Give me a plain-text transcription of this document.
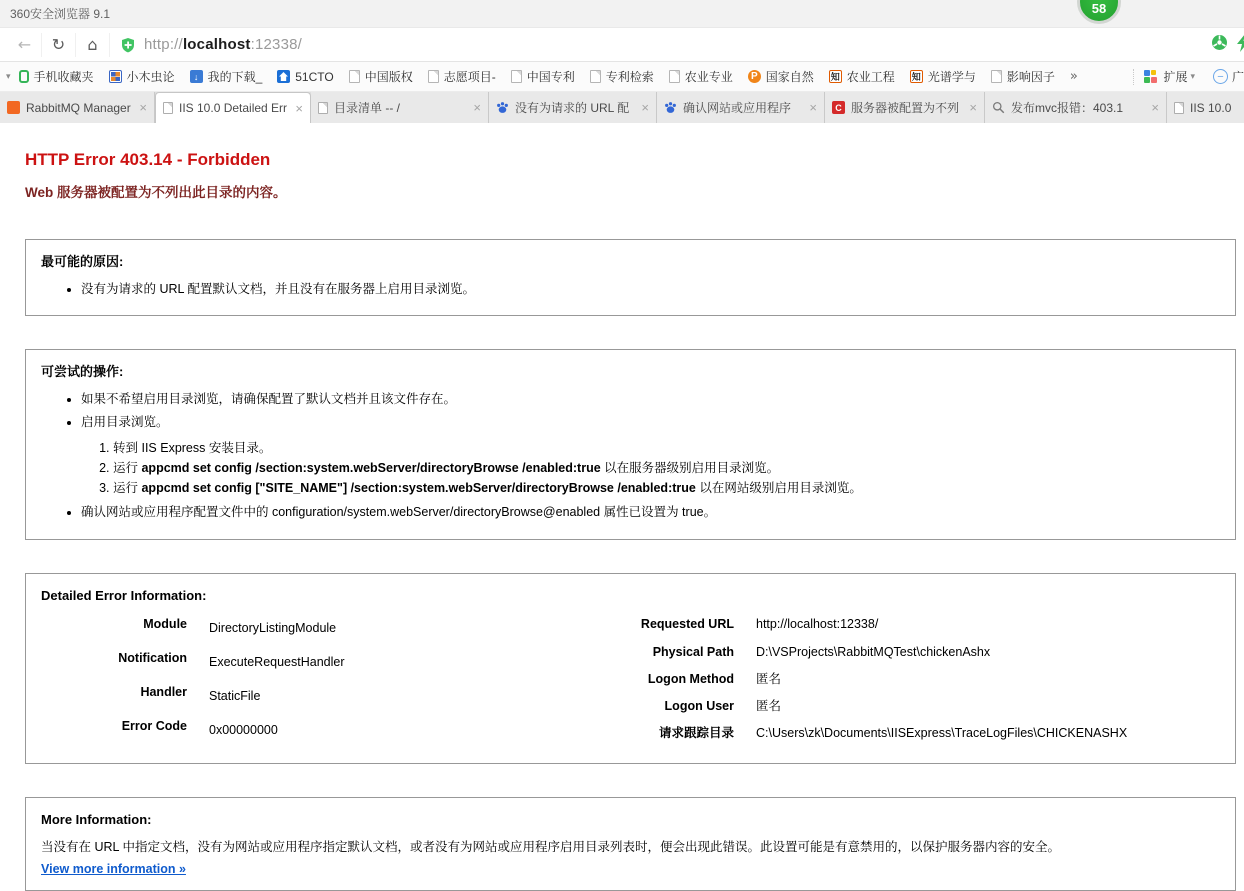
360安全浏览器 9.1	58
←	↻	⌂	http://localhost:12338/
▾ 手机收藏夹	小木虫论	↓ 我的下载_	51CTO	中国版权	志愿项目-	中国专利	专利检索	农业专业	P 国家自然 知 农业工程 知 光谱学与	影响因子 »	扩展 ▾	− 广
RabbitMQ Manager ×	IIS 10.0 Detailed Err ×	目录清单 -- /	×	没有为请求的 URL 配 ×	确认网站或应用程序	×	C 服务器被配置为不列 ×	发布mvc报错：403.1	×	IIS 10.0
HTTP Error 403.14 - Forbidden
Web 服务器被配置为不列出此目录的内容。
最可能的原因:
• 没有为请求的 URL 配置默认文档，并且没有在服务器上启用目录浏览。
可尝试的操作:
• 如果不希望启用目录浏览，请确保配置了默认文档并且该文件存在。
• 启用目录浏览。
1. 转到 IIS Express 安装目录。
2. 运行 appcmd set config /section:system.webServer/directoryBrowse /enabled:true 以在服务器级别启用目录浏览。
3. 运行 appcmd set config ["SITE_NAME"] /section:system.webServer/directoryBrowse /enabled:true 以在网站级别启用目录浏览。
• 确认网站或应用程序配置文件中的 configuration/system.webServer/directoryBrowse@enabled 属性已设置为 true。
Detailed Error Information:
Module	DirectoryListingModule
Notification	ExecuteRequestHandler
Handler	StaticFile
Error Code	0x00000000
Requested URL	http://localhost:12338/
Physical Path	D:\VSProjects\RabbitMQTest\chickenAshx
Logon Method	匿名
Logon User	匿名
请求跟踪目录	C:\Users\zk\Documents\IISExpress\TraceLogFiles\CHICKENASHX
More Information:
当没有在 URL 中指定文档，没有为网站或应用程序指定默认文档，或者没有为网站或应用程序启用目录列表时，便会出现此错误。此设置可能是有意禁用的，以保护服务器内容的安全。
View more information »
